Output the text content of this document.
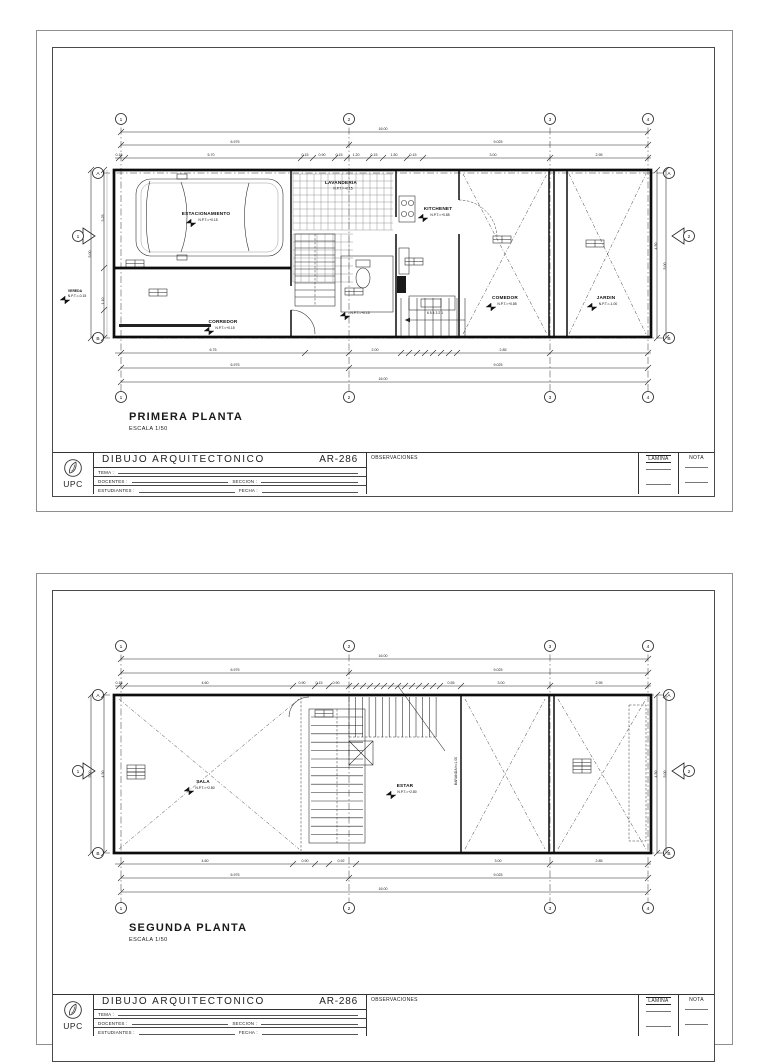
16.00
6.975	9.025
0.15	5.70	0.15	0.90	0.15	1.20	0.15	1.50	0.15	3.00	2.95
1	2	3	4
A
B
A
B
1	2
6 5 4 3 2 1
ESTACIONAMIENTO
N.P.T.=+0.15
LAVANDERIA
N.P.T.=+0.15
KITCHENET
N.P.T.=+0.85
COMEDOR
N.P.T.=+0.85
JARDIN
N.P.T.=-1.00
CORREDOR
N.P.T.=+0.15
VEREDA
N.P.T.=-0.15
N.P.T.=+0.15
5.00
3.25
1.10
4.50
5.00
6.75	2.00	2.85
6.975	9.025
16.00
1	2	3	4
PRIMERA PLANTA
ESCALA 1/50
UPC
DIBUJO ARQUITECTONICO	AR-286
TEMA :
DOCENTES :	SECCION :
ESTUDIANTES :	FECHA :
OBSERVACIONES	LAMINA	NOTA
0.15	4.60	0.90	0.15	0.90	0.55	3.00	2.95
16.00
6.975	9.025
1	2	3	4
A
B
A
B
1	2
BARANDA h=1.00
SALA
N.P.T.=+2.80	ESTAR
N.P.T.=+2.80
5.00	4.50	4.50 5.00
4.60	0.90	0.92	3.00	2.85
6.975	9.025
16.00
1	2	3	4
SEGUNDA PLANTA
ESCALA 1/50
UPC
DIBUJO ARQUITECTONICO	AR-286
TEMA :
DOCENTES :	SECCION :
ESTUDIANTES :	FECHA :
OBSERVACIONES	LAMINA	NOTA
